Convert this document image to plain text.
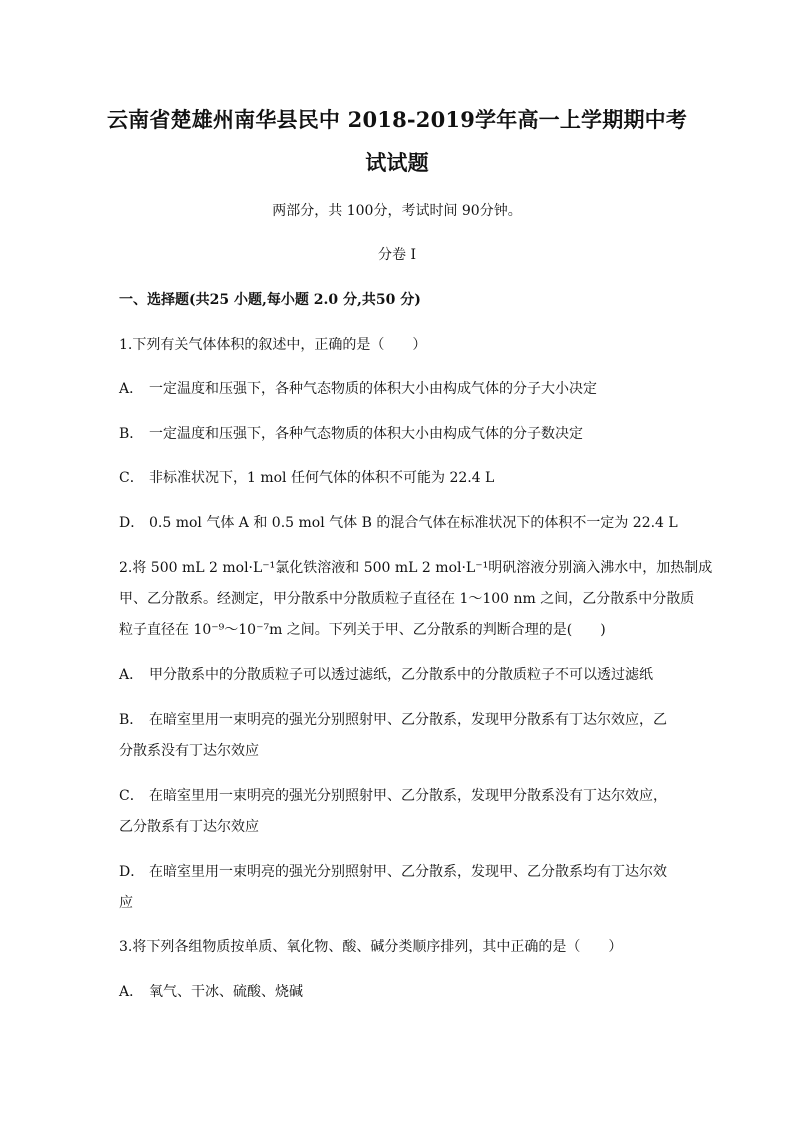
云南省楚雄州南华县民中 2018-2019学年高一上学期期中考
试试题
两部分，共 100分，考试时间 90分钟。
分卷 I
一、选择题(共25 小题,每小题 2.0 分,共50 分)
1.下列有关气体体积的叙述中，正确的是（　　）
A． 一定温度和压强下，各种气态物质的体积大小由构成气体的分子大小决定
B． 一定温度和压强下，各种气态物质的体积大小由构成气体的分子数决定
C． 非标准状况下，1 mol 任何气体的体积不可能为 22.4 L
D． 0.5 mol 气体 A 和 0.5 mol 气体 B 的混合气体在标准状况下的体积不一定为 22.4 L
2.将 500 mL 2 mol·L⁻¹氯化铁溶液和 500 mL 2 mol·L⁻¹明矾溶液分别滴入沸水中，加热制成
甲、乙分散系。经测定，甲分散系中分散质粒子直径在 1～100 nm 之间，乙分散系中分散质
粒子直径在 10⁻⁹～10⁻⁷m 之间。下列关于甲、乙分散系的判断合理的是(　　)
A． 甲分散系中的分散质粒子可以透过滤纸，乙分散系中的分散质粒子不可以透过滤纸
B． 在暗室里用一束明亮的强光分别照射甲、乙分散系，发现甲分散系有丁达尔效应，乙
分散系没有丁达尔效应
C． 在暗室里用一束明亮的强光分别照射甲、乙分散系，发现甲分散系没有丁达尔效应，
乙分散系有丁达尔效应
D． 在暗室里用一束明亮的强光分别照射甲、乙分散系，发现甲、乙分散系均有丁达尔效
应
3.将下列各组物质按单质、氧化物、酸、碱分类顺序排列，其中正确的是（　　）
A． 氧气、干冰、硫酸、烧碱
